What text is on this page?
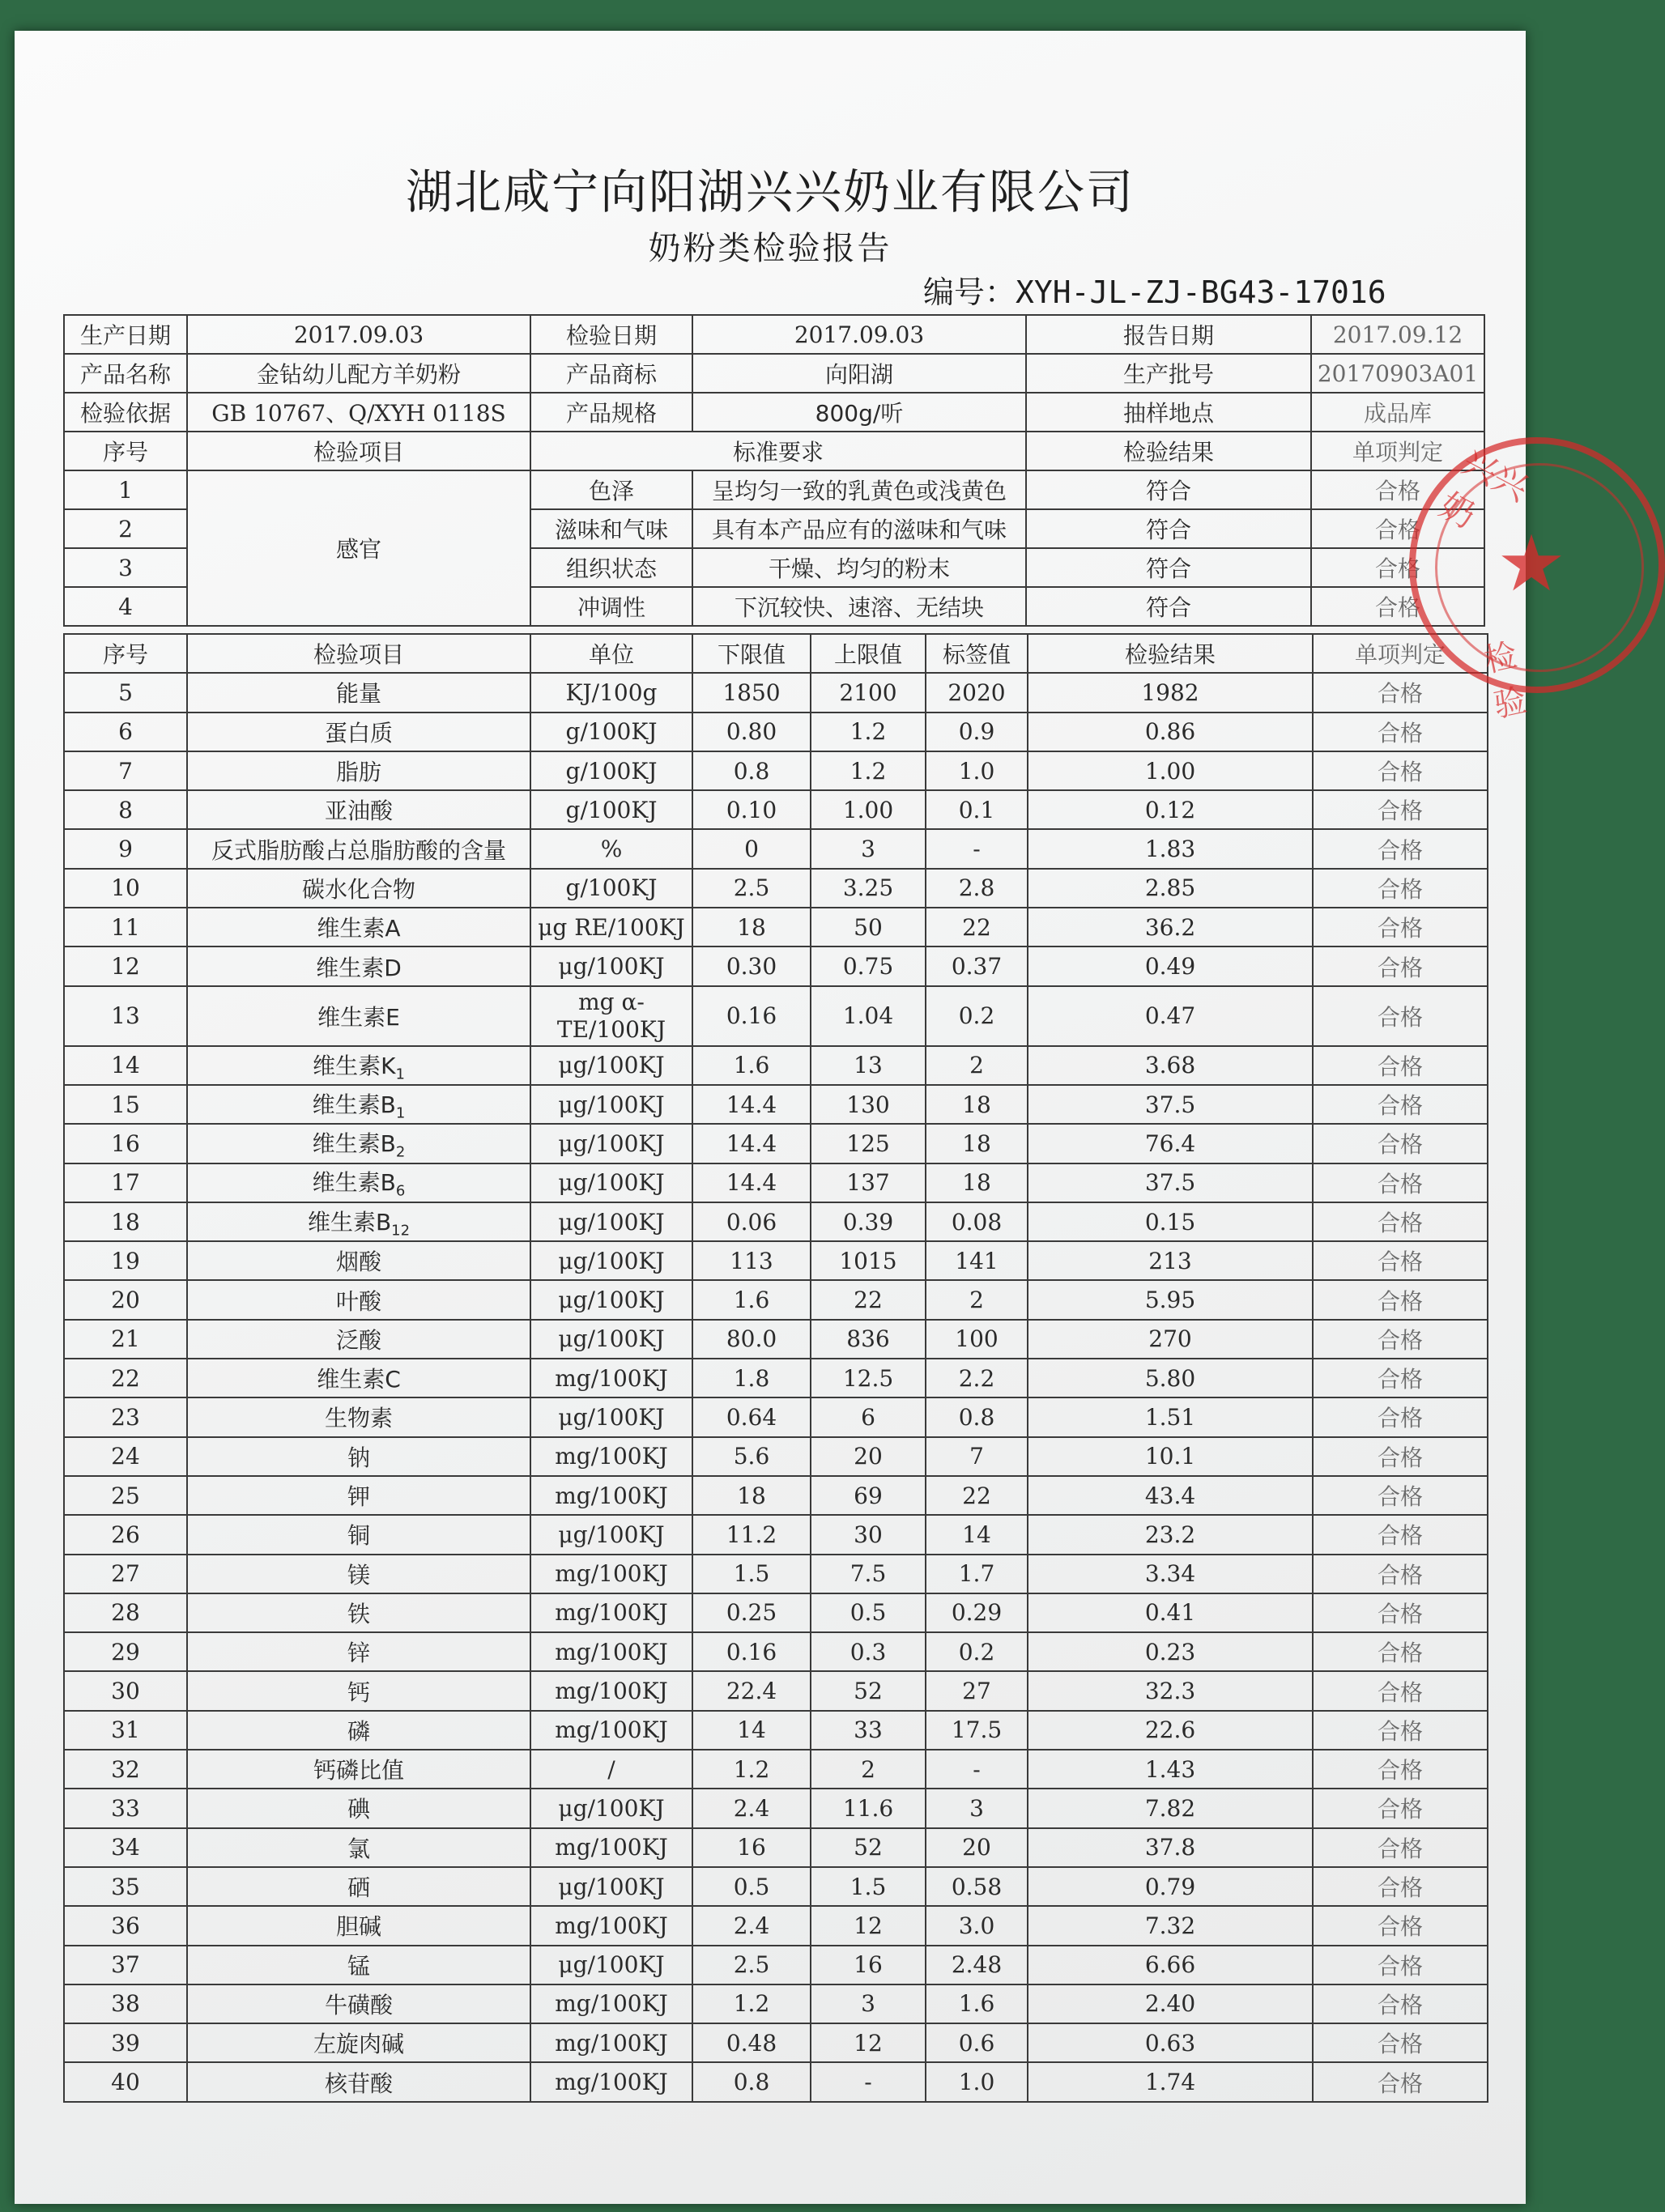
湖北咸宁向阳湖兴兴奶业有限公司
奶粉类检验报告
编号：XYH-JL-ZJ-BG43-17016
生产日期	2017.09.03	检验日期	2017.09.03	报告日期	2017.09.12
产品名称	金钻幼儿配方羊奶粉	产品商标	向阳湖	生产批号	20170903A01
检验依据	GB 10767、Q/XYH 0118S	产品规格	800g/听	抽样地点	成品库
序号	检验项目	标准要求		检验结果	单项判定
1	感官	色泽	呈均匀一致的乳黄色或浅黄色	符合	合格
2		滋味和气味	具有本产品应有的滋味和气味	符合	合格
3		组织状态	干燥、均匀的粉末	符合	合格
4		冲调性	下沉较快、速溶、无结块	符合	合格
序号	检验项目	单位	下限值	上限值	标签值	检验结果	单项判定
5	能量	KJ/100g	1850	2100	2020	1982	合格
6	蛋白质	g/100KJ	0.80	1.2	0.9	0.86	合格
7	脂肪	g/100KJ	0.8	1.2	1.0	1.00	合格
8	亚油酸	g/100KJ	0.10	1.00	0.1	0.12	合格
9	反式脂肪酸占总脂肪酸的含量	%	0	3	-	1.83	合格
10	碳水化合物	g/100KJ	2.5	3.25	2.8	2.85	合格
11	维生素A	μg RE/100KJ	18	50	22	36.2	合格
12	维生素D	μg/100KJ	0.30	0.75	0.37	0.49	合格
13	维生素E	mg α-TE/100KJ	0.16	1.04	0.2	0.47	合格
14	维生素$K_1$	μg/100KJ	1.6	13	2	3.68	合格
15	维生素$B_1$	μg/100KJ	14.4	130	18	37.5	合格
16	维生素$B_2$	μg/100KJ	14.4	125	18	76.4	合格
17	维生素$B_6$	μg/100KJ	14.4	137	18	37.5	合格
18	维生素$B_{12}$	μg/100KJ	0.06	0.39	0.08	0.15	合格
19	烟酸	μg/100KJ	113	1015	141	213	合格
20	叶酸	μg/100KJ	1.6	22	2	5.95	合格
21	泛酸	μg/100KJ	80.0	836	100	270	合格
22	维生素C	mg/100KJ	1.8	12.5	2.2	5.80	合格
23	生物素	μg/100KJ	0.64	6	0.8	1.51	合格
24	钠	mg/100KJ	5.6	20	7	10.1	合格
25	钾	mg/100KJ	18	69	22	43.4	合格
26	铜	μg/100KJ	11.2	30	14	23.2	合格
27	镁	mg/100KJ	1.5	7.5	1.7	3.34	合格
28	铁	mg/100KJ	0.25	0.5	0.29	0.41	合格
29	锌	mg/100KJ	0.16	0.3	0.2	0.23	合格
30	钙	mg/100KJ	22.4	52	27	32.3	合格
31	磷	mg/100KJ	14	33	17.5	22.6	合格
32	钙磷比值	/	1.2	2	-	1.43	合格
33	碘	μg/100KJ	2.4	11.6	3	7.82	合格
34	氯	mg/100KJ	16	52	20	37.8	合格
35	硒	μg/100KJ	0.5	1.5	0.58	0.79	合格
36	胆碱	mg/100KJ	2.4	12	3.0	7.32	合格
37	锰	μg/100KJ	2.5	16	2.48	6.66	合格
38	牛磺酸	mg/100KJ	1.2	3	1.6	2.40	合格
39	左旋肉碱	mg/100KJ	0.48	12	0.6	0.63	合格
40	核苷酸	mg/100KJ	0.8	-	1.0	1.74	合格
★
兴兴奶
检验
